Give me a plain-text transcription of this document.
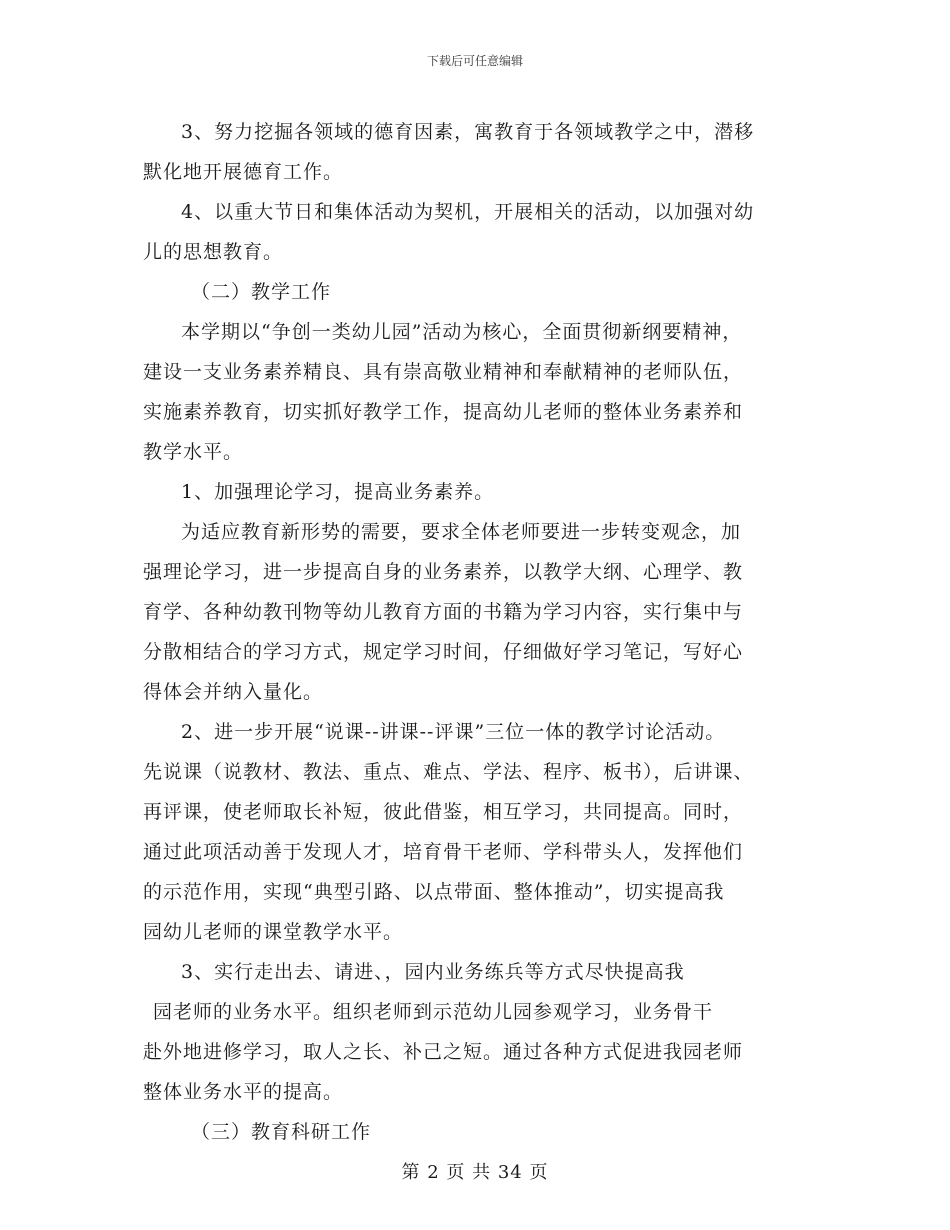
下载后可任意编辑

3、努力挖掘各领域的德育因素，寓教育于各领域教学之中，潜移
默化地开展德育工作。

4、以重大节日和集体活动为契机，开展相关的活动，以加强对幼
儿的思想教育。

（二）教学工作

本学期以“争创一类幼儿园”活动为核心，全面贯彻新纲要精神，
建设一支业务素养精良、具有崇高敬业精神和奉献精神的老师队伍，
实施素养教育，切实抓好教学工作，提高幼儿老师的整体业务素养和
教学水平。

1、加强理论学习，提高业务素养。

为适应教育新形势的需要，要求全体老师要进一步转变观念，加
强理论学习，进一步提高自身的业务素养，以教学大纲、心理学、教
育学、各种幼教刊物等幼儿教育方面的书籍为学习内容，实行集中与
分散相结合的学习方式，规定学习时间，仔细做好学习笔记，写好心
得体会并纳入量化。

2、进一步开展“说课--讲课--评课”三位一体的教学讨论活动。
先说课（说教材、教法、重点、难点、学法、程序、板书），后讲课、
再评课，使老师取长补短，彼此借鉴，相互学习，共同提高。同时，
通过此项活动善于发现人才，培育骨干老师、学科带头人，发挥他们
的示范作用，实现“典型引路、以点带面、整体推动”，切实提高我
园幼儿老师的课堂教学水平。

3、实行走出去、请进、，园内业务练兵等方式尽快提高我

园老师的业务水平。组织老师到示范幼儿园参观学习，业务骨干
赴外地进修学习，取人之长、补己之短。通过各种方式促进我园老师
整体业务水平的提高。

（三）教育科研工作

第 2 页 共 34 页
